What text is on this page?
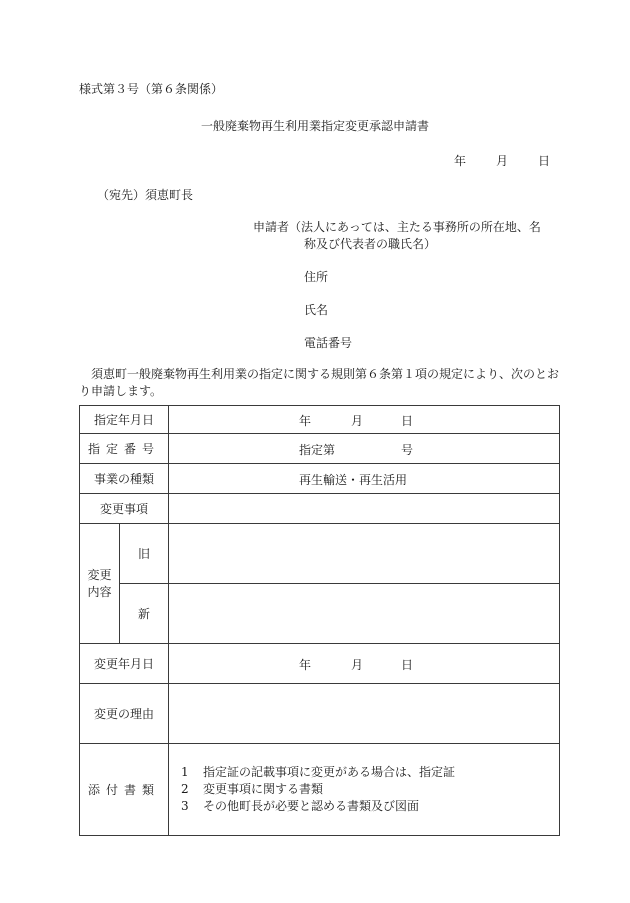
様式第３号（第６条関係）
一般廃棄物再生利用業指定変更承認申請書
年	月	日
（宛先）須恵町長
申請者（法人にあっては、主たる事務所の所在地、名
称及び代表者の職氏名）
住所
氏名
電話番号
須恵町一般廃棄物再生利用業の指定に関する規則第６条第１項の規定により、次のとおり申請します。
指定年月日		年 月 日

指定番号		指定第 号

事業の種類		再生輸送・再生活用

変更事項		

変更
内容	旧	
	新	
変更年月日		年 月 日

変更の理由		
添付書類		1 指定証の記載事項に変更がある場合は、指定証
2 変更事項に関する書類
3 その他町長が必要と認める書類及び図面
